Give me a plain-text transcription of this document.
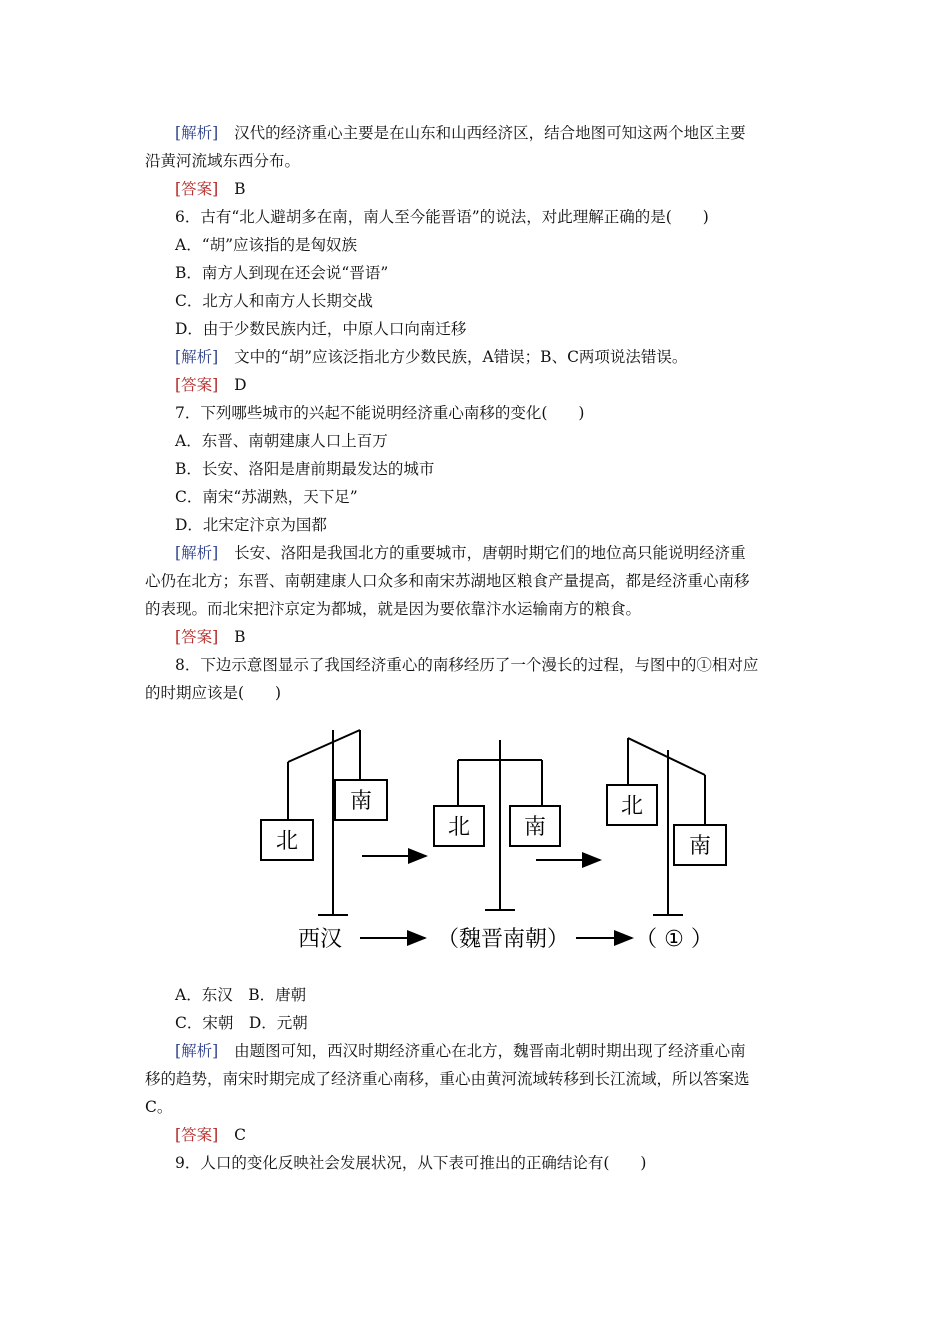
[解析] 汉代的经济重心主要是在山东和山西经济区，结合地图可知这两个地区主要
沿黄河流域东西分布。
[答案] B
6．古有“北人避胡多在南，南人至今能晋语”的说法，对此理解正确的是(　　)
A．“胡”应该指的是匈奴族
B．南方人到现在还会说“晋语”
C．北方人和南方人长期交战
D．由于少数民族内迁，中原人口向南迁移
[解析] 文中的“胡”应该泛指北方少数民族，A错误；B、C两项说法错误。
[答案] D
7．下列哪些城市的兴起不能说明经济重心南移的变化(　　)
A．东晋、南朝建康人口上百万
B．长安、洛阳是唐前期最发达的城市
C．南宋“苏湖熟，天下足”
D．北宋定汴京为国都
[解析] 长安、洛阳是我国北方的重要城市，唐朝时期它们的地位高只能说明经济重
心仍在北方；东晋、南朝建康人口众多和南宋苏湖地区粮食产量提高，都是经济重心南移
的表现。而北宋把汴京定为都城，就是因为要依靠汴水运输南方的粮食。
[答案] B
8．下边示意图显示了我国经济重心的南移经历了一个漫长的过程，与图中的①相对应
的时期应该是(　　)
北
南
北 南
北
南
西汉	（魏晋南朝）	（ ① ）
A．东汉　B．唐朝
C．宋朝　D．元朝
[解析] 由题图可知，西汉时期经济重心在北方，魏晋南北朝时期出现了经济重心南
移的趋势，南宋时期完成了经济重心南移，重心由黄河流域转移到长江流域，所以答案选
C。
[答案] C
9．人口的变化反映社会发展状况，从下表可推出的正确结论有(　　)
